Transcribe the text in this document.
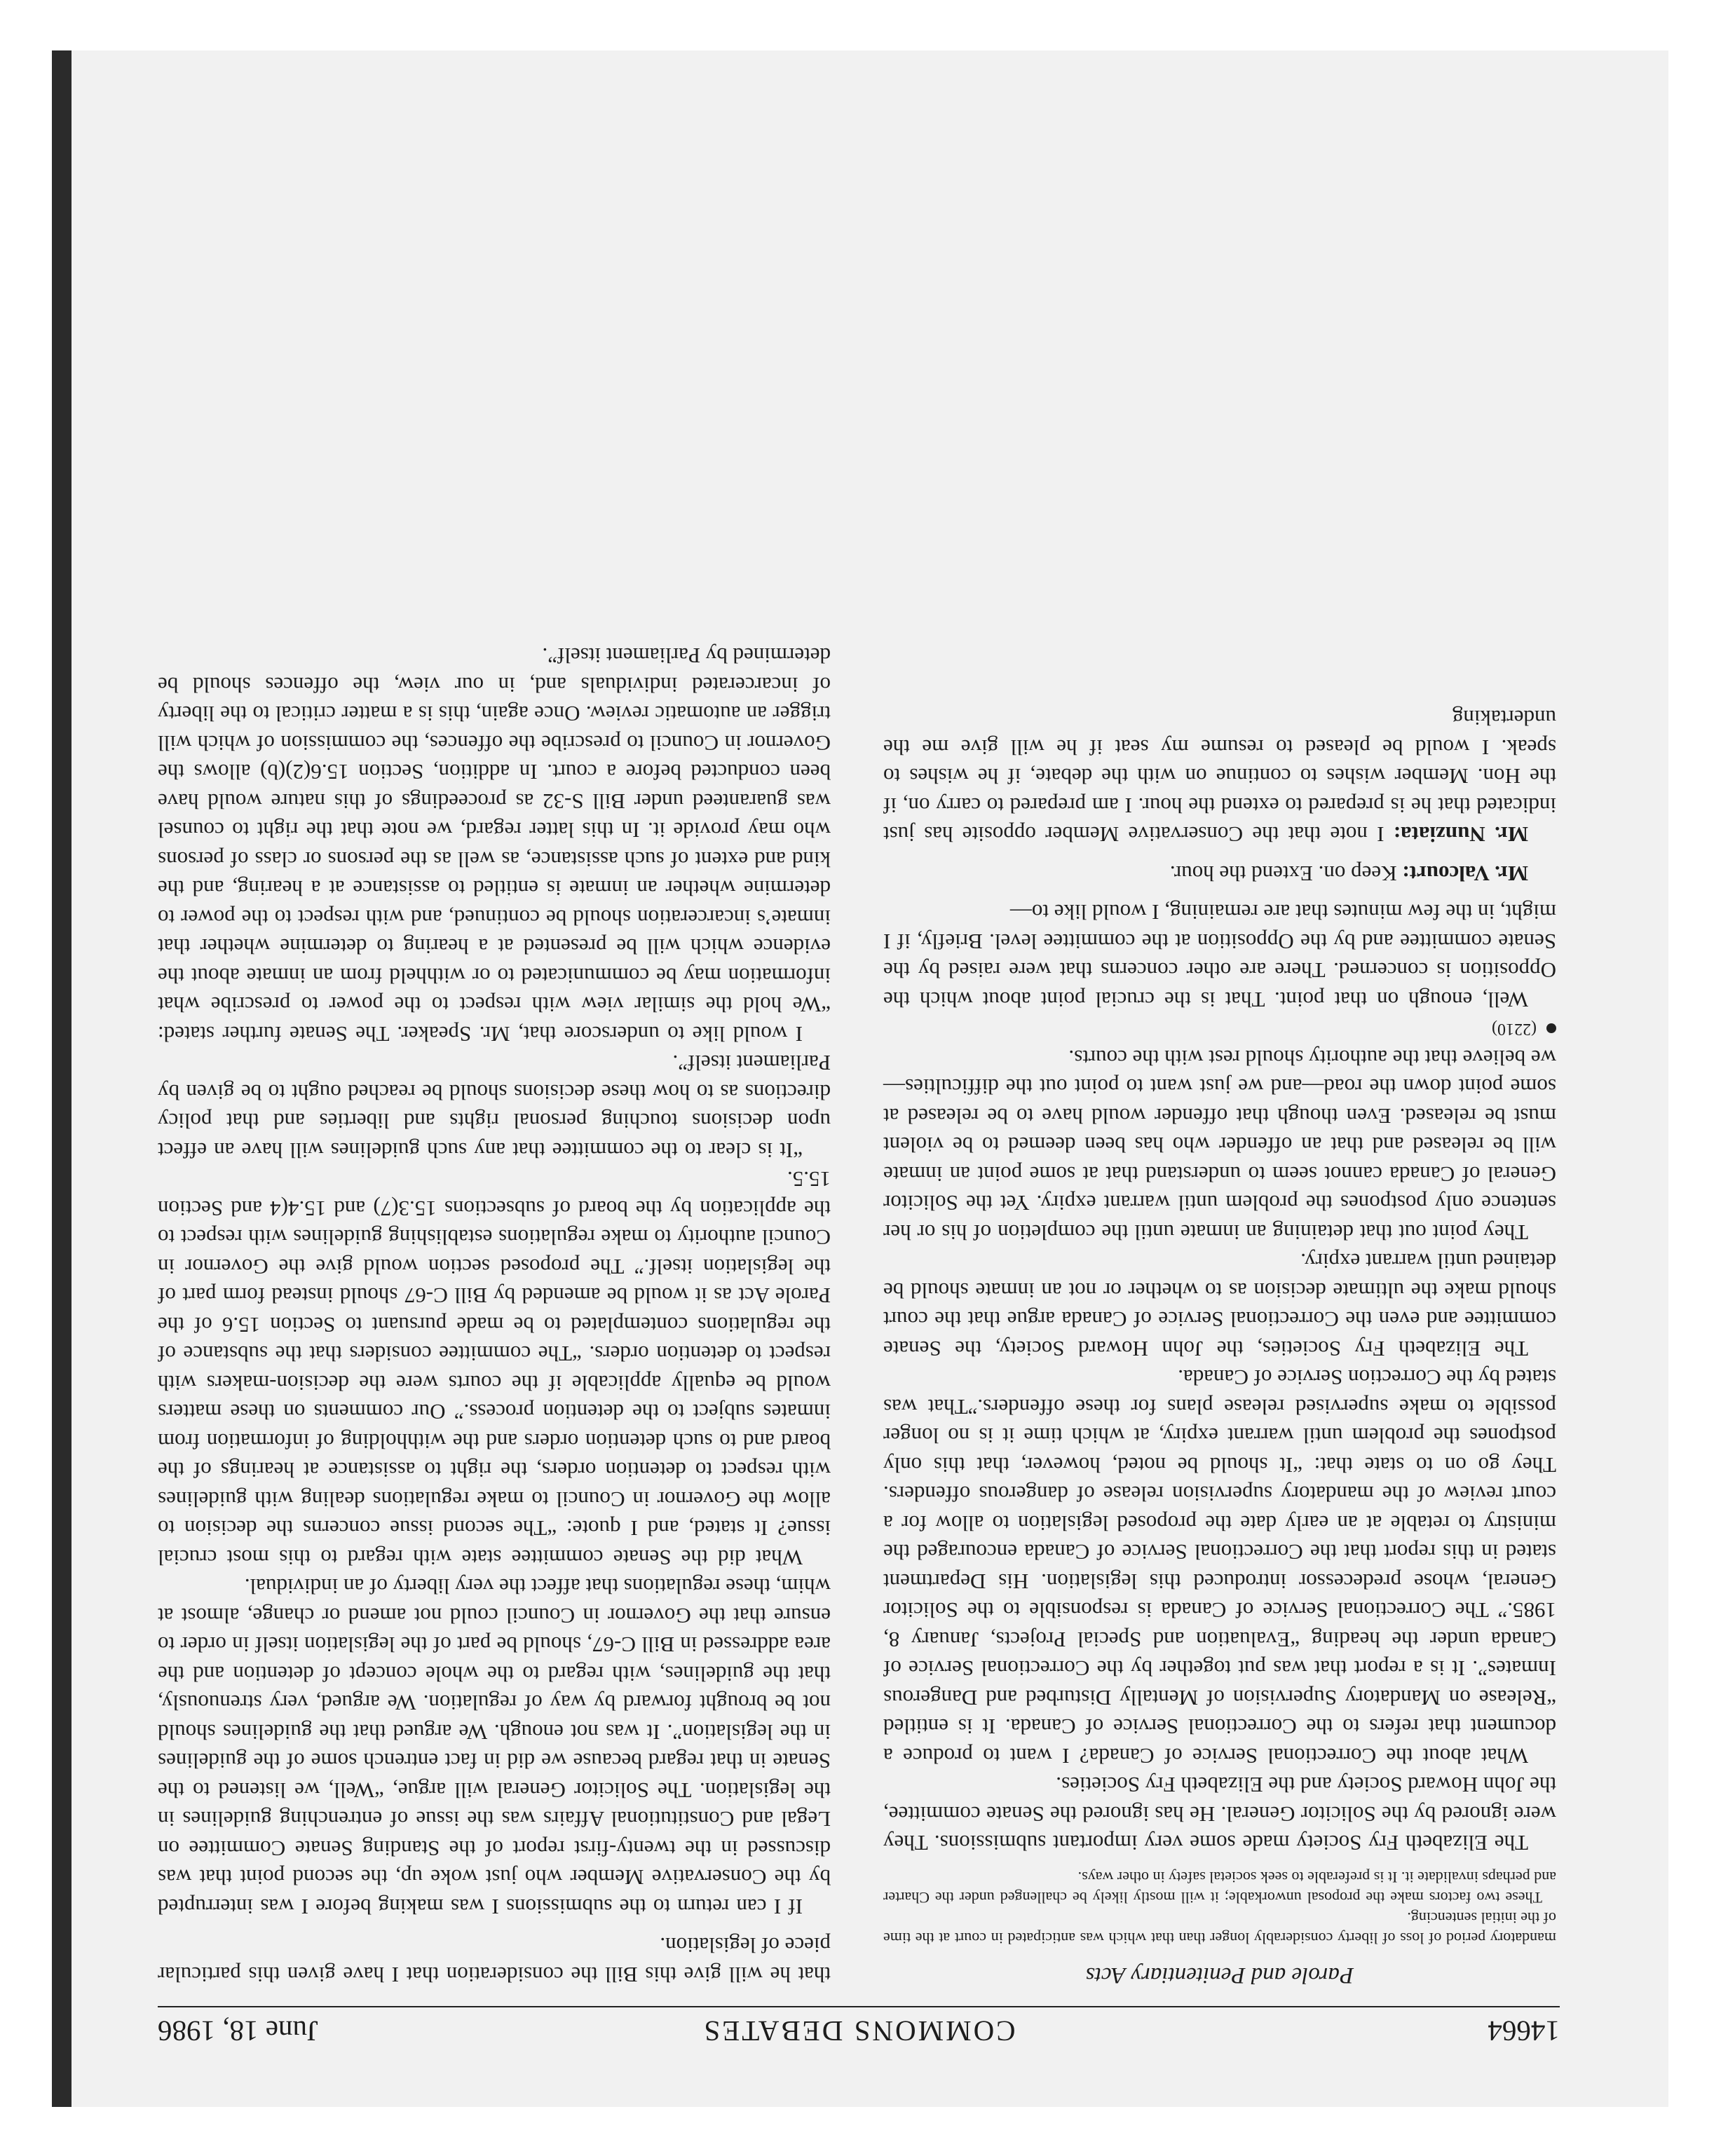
14664
COMMONS DEBATES
June 18, 1986
Parole and Penitentiary Acts
mandatory period of loss of liberty considerably longer than that which was anticipated in court at the time of the initial sentencing.
These two factors make the proposal unworkable; it will mostly likely be challenged under the Charter and perhaps invalidate it. It is preferable to seek societal safety in other ways.

The Elizabeth Fry Society made some very important submissions. They were ignored by the Solicitor General. He has ignored the Senate committee, the John Howard Society and the Elizabeth Fry Societies.

What about the Correctional Service of Canada? I want to produce a document that refers to the Correctional Service of Canada. It is entitled “Release on Mandatory Supervision of Mentally Disturbed and Dangerous Inmates”. It is a report that was put together by the Correctional Service of Canada under the heading “Evaluation and Special Projects, January 8, 1985.” The Correctional Service of Canada is responsible to the Solicitor General, whose predecessor introduced this legislation. His Department stated in this report that the Correctional Service of Canada encouraged the ministry to retable at an early date the proposed legislation to allow for a court review of the mandatory supervision release of dangerous offenders. They go on to state that: “It should be noted, however, that this only postpones the problem until warrant expiry, at which time it is no longer possible to make supervised release plans for these offenders.”That was stated by the Correction Service of Canada.

The Elizabeth Fry Societies, the John Howard Society, the Senate committee and even the Correctional Service of Canada argue that the court should make the ultimate decision as to whether or not an inmate should be detained until warrant expiry.

They point out that detaining an inmate until the completion of his or her sentence only postpones the problem until warrant expiry. Yet the Solicitor General of Canada cannot seem to understand that at some point an inmate will be released and that an offender who has been deemed to be violent must be released. Even though that offender would have to be released at some point down the road—and we just want to point out the difficulties—we believe that the authority should rest with the courts.

(2210)

Well, enough on that point. That is the crucial point about which the Opposition is concerned. There are other concerns that were raised by the Senate committee and by the Opposition at the committee level. Briefly, if I might, in the few minutes that are remaining, I would like to—

Mr. Valcourt: Keep on. Extend the hour.

Mr. Nunziata: I note that the Conservative Member opposite has just indicated that he is prepared to extend the hour. I am prepared to carry on, if the Hon. Member wishes to continue on with the debate, if he wishes to speak. I would be pleased to resume my seat if he will give me the undertaking

that he will give this Bill the consideration that I have given this particular piece of legislation.

If I can return to the submissions I was making before I was interrupted by the Conservative Member who just woke up, the second point that was discussed in the twenty-first report of the Standing Senate Committee on Legal and Constitutional Affairs was the issue of entrenching guidelines in the legislation. The Solicitor General will argue, “Well, we listened to the Senate in that regard because we did in fact entrench some of the guidelines in the legislation”. It was not enough. We argued that the guidelines should not be brought forward by way of regulation. We argued, very strenuously, that the guidelines, with regard to the whole concept of detention and the area addressed in Bill C-67, should be part of the legislation itself in order to ensure that the Governor in Council could not amend or change, almost at whim, these regulations that affect the very liberty of an individual.

What did the Senate committee state with regard to this most crucial issue? It stated, and I quote: “The second issue concerns the decision to allow the Governor in Council to make regulations dealing with guidelines with respect to detention orders, the right to assistance at hearings of the board and to such detention orders and the withholding of information from inmates subject to the detention process.” Our comments on these matters would be equally applicable if the courts were the decision-makers with respect to detention orders. “The committee considers that the substance of the regulations contemplated to be made pursuant to Section 15.6 of the Parole Act as it would be amended by Bill C-67 should instead form part of the legislation itself.” The proposed section would give the Governor in Council authority to make regulations establishing guidelines with respect to the application by the board of subsections 15.3(7) and 15.4(4 and Section 15.5.

“It is clear to the committee that any such guidelines will have an effect upon decisions touching personal rights and liberties and that policy directions as to how these decisions should be reached ought to be given by Parliament itself”.

I would like to underscore that, Mr. Speaker. The Senate further stated: “We hold the similar view with respect to the power to prescribe what information may be communicated to or withheld from an inmate about the evidence which will be presented at a hearing to determine whether that inmate’s incarceration should be continued, and with respect to the power to determine whether an inmate is entitled to assistance at a hearing, and the kind and extent of such assistance, as well as the persons or class of persons who may provide it. In this latter regard, we note that the right to counsel was guaranteed under Bill S-32 as proceedings of this nature would have been conducted before a court. In addition, Section 15.6(2)(b) allows the Governor in Council to prescribe the offences, the commission of which will trigger an automatic review. Once again, this is a matter critical to the liberty of incarcerated individuals and, in our view, the offences should be determined by Parliament itself”.
